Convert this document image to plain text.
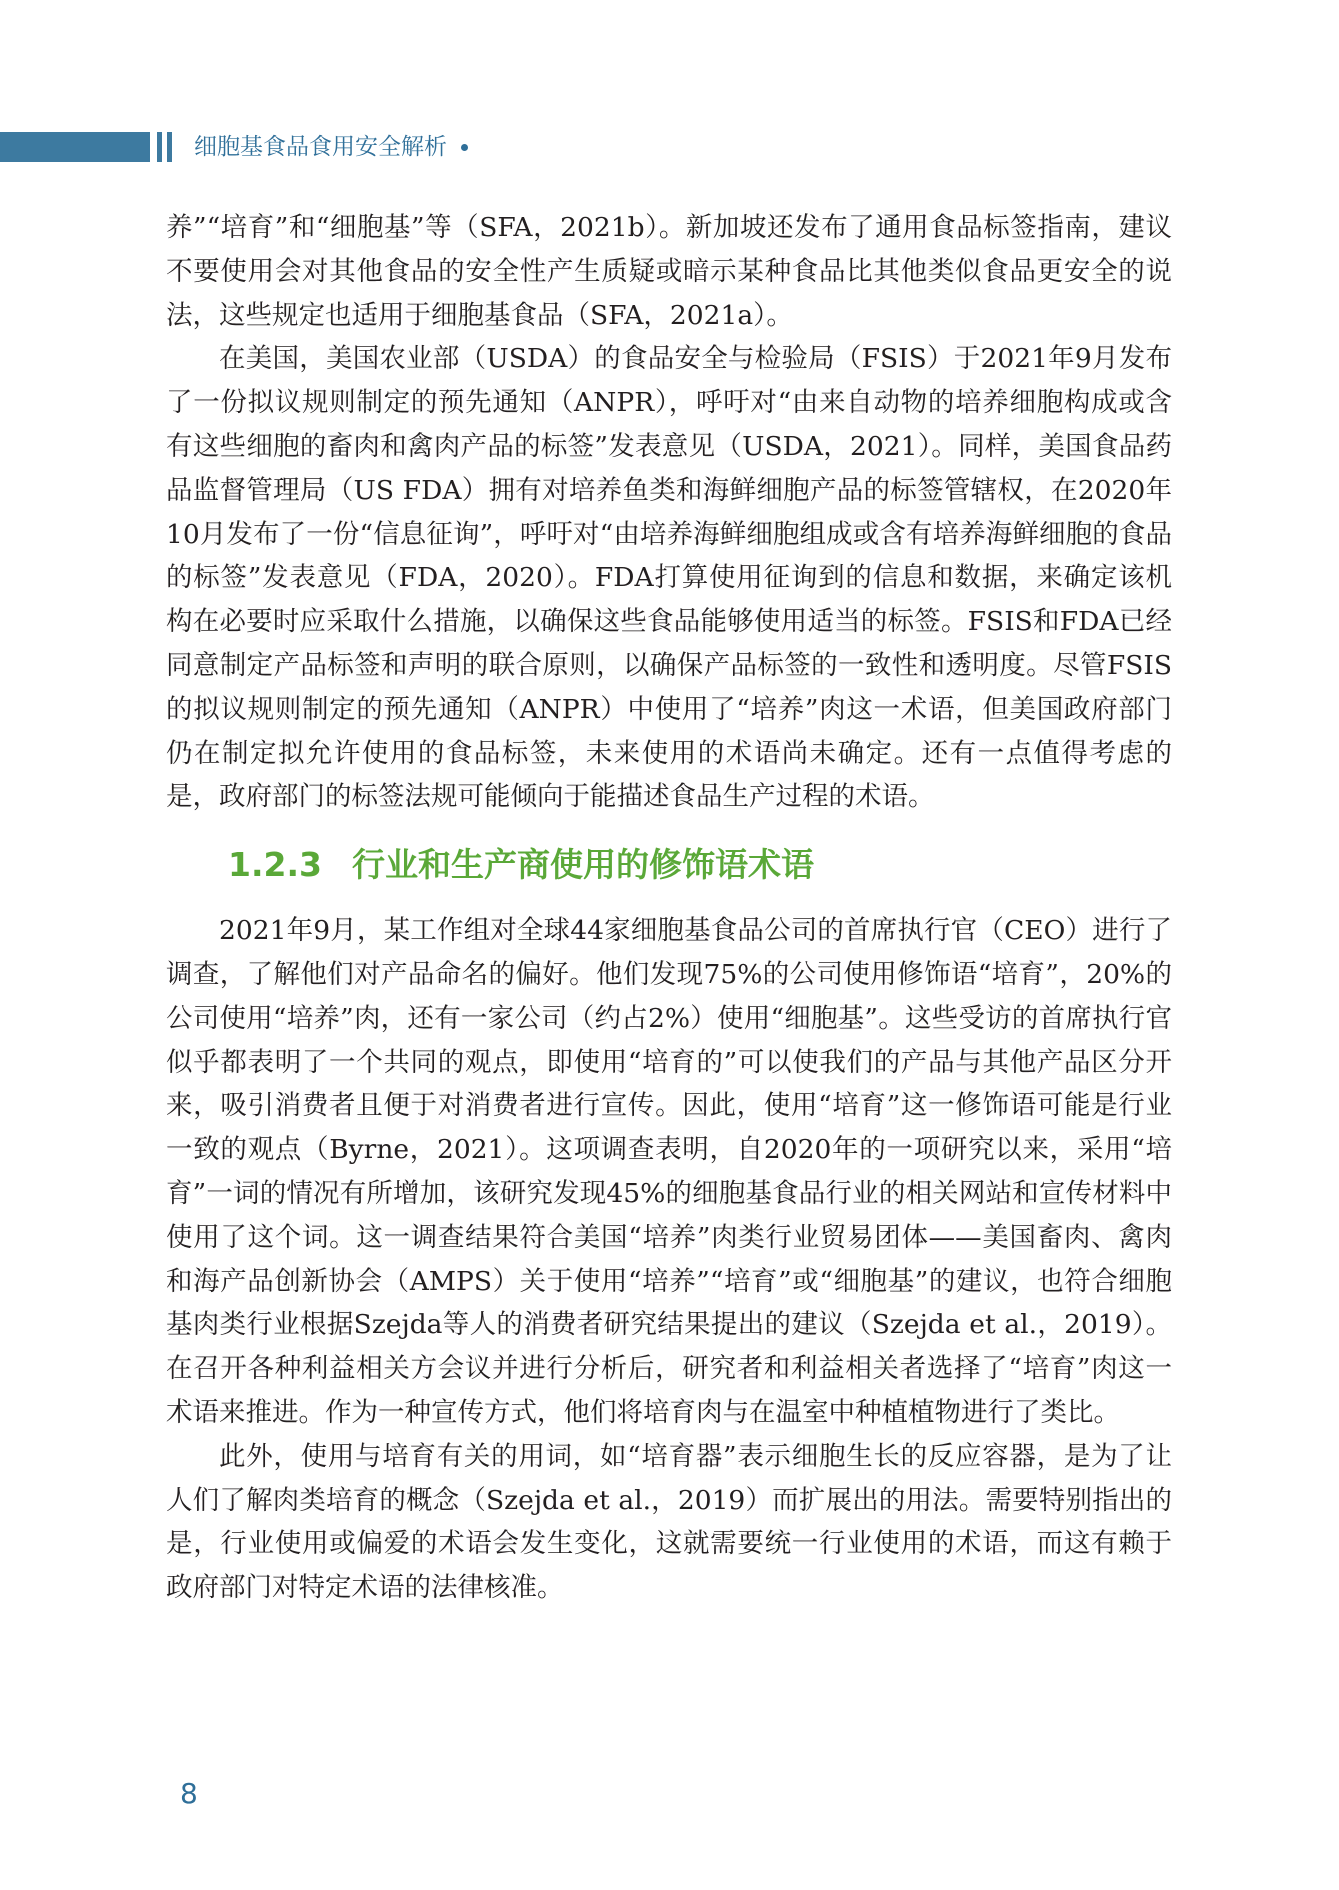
细胞基食品食用安全解析

养”“培育”和“细胞基”等（SFA，2021b）。新加坡还发布了通用食品标签指南，建议不要使用会对其他食品的安全性产生质疑或暗示某种食品比其他类似食品更安全的说法，这些规定也适用于细胞基食品（SFA，2021a）。

在美国，美国农业部（USDA）的食品安全与检验局（FSIS）于2021年9月发布了一份拟议规则制定的预先通知（ANPR），呼吁对“由来自动物的培养细胞构成或含有这些细胞的畜肉和禽肉产品的标签”发表意见（USDA，2021）。同样，美国食品药品监督管理局（US FDA）拥有对培养鱼类和海鲜细胞产品的标签管辖权，在2020年10月发布了一份“信息征询”，呼吁对“由培养海鲜细胞组成或含有培养海鲜细胞的食品的标签”发表意见（FDA，2020）。FDA打算使用征询到的信息和数据，来确定该机构在必要时应采取什么措施，以确保这些食品能够使用适当的标签。FSIS和FDA已经同意制定产品标签和声明的联合原则，以确保产品标签的一致性和透明度。尽管FSIS的拟议规则制定的预先通知（ANPR）中使用了“培养”肉这一术语，但美国政府部门仍在制定拟允许使用的食品标签，未来使用的术语尚未确定。还有一点值得考虑的是，政府部门的标签法规可能倾向于能描述食品生产过程的术语。

1.2.3 行业和生产商使用的修饰语术语

2021年9月，某工作组对全球44家细胞基食品公司的首席执行官（CEO）进行了调查，了解他们对产品命名的偏好。他们发现75%的公司使用修饰语“培育”，20%的公司使用“培养”肉，还有一家公司（约占2%）使用“细胞基”。这些受访的首席执行官似乎都表明了一个共同的观点，即使用“培育的”可以使我们的产品与其他产品区分开来，吸引消费者且便于对消费者进行宣传。因此，使用“培育”这一修饰语可能是行业一致的观点（Byrne，2021）。这项调查表明，自2020年的一项研究以来，采用“培育”一词的情况有所增加，该研究发现45%的细胞基食品行业的相关网站和宣传材料中使用了这个词。这一调查结果符合美国“培养”肉类行业贸易团体——美国畜肉、禽肉和海产品创新协会（AMPS）关于使用“培养”“培育”或“细胞基”的建议，也符合细胞基肉类行业根据Szejda等人的消费者研究结果提出的建议（Szejda et al.，2019）。在召开各种利益相关方会议并进行分析后，研究者和利益相关者选择了“培育”肉这一术语来推进。作为一种宣传方式，他们将培育肉与在温室中种植植物进行了类比。

此外，使用与培育有关的用词，如“培育器”表示细胞生长的反应容器，是为了让人们了解肉类培育的概念（Szejda et al.，2019）而扩展出的用法。需要特别指出的是，行业使用或偏爱的术语会发生变化，这就需要统一行业使用的术语，而这有赖于政府部门对特定术语的法律核准。

8
